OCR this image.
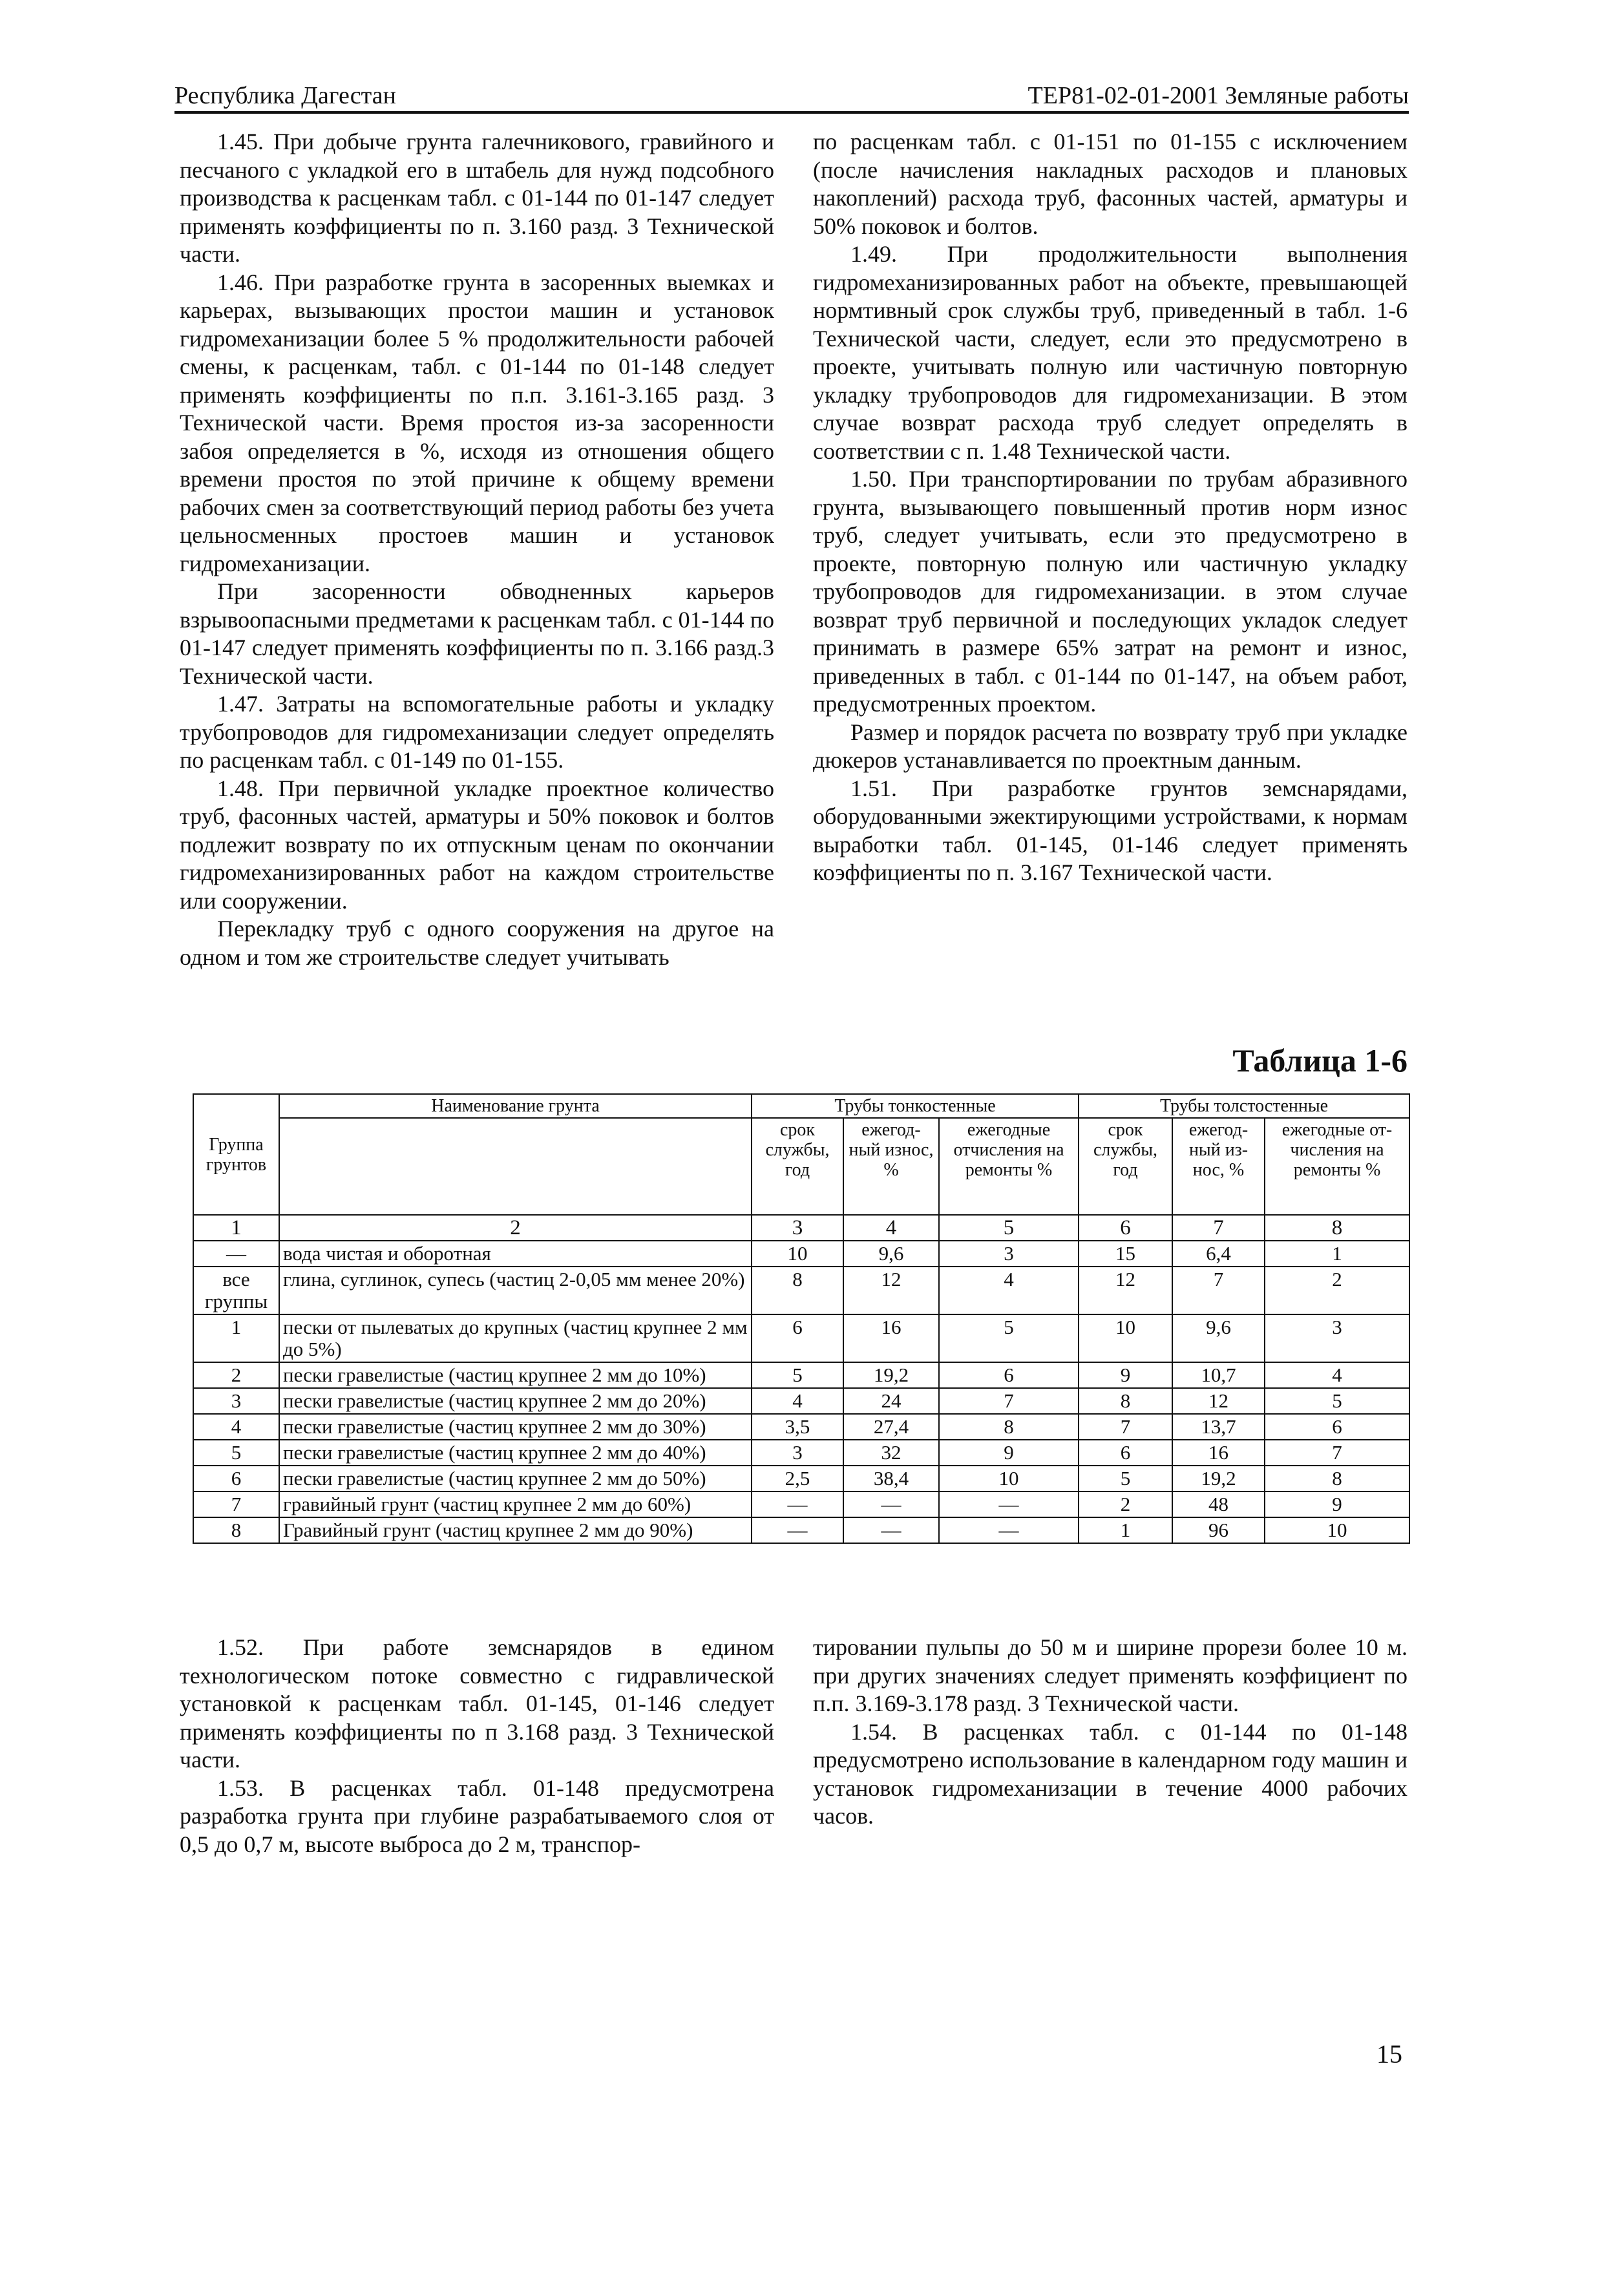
Республика Дагестан	ТЕР81-02-01-2001 Земляные работы

1.45. При добыче грунта галечникового, гравийного и песчаного с укладкой его в штабель для нужд подсобного производства к расценкам табл. с 01-144 по 01-147 следует применять коэффициенты по п. 3.160 разд. 3 Технической части.

1.46. При разработке грунта в засоренных выемках и карьерах, вызывающих простои машин и установок гидромеханизации более 5 % продолжительности рабочей смены, к расценкам, табл. с 01-144 по 01-148 следует применять коэффициенты по п.п. 3.161-3.165 разд. 3 Технической части. Время простоя из-за засоренности забоя определяется в %, исходя из отношения общего времени простоя по этой причине к общему времени рабочих смен за соответствующий период работы без учета цельносменных простоев машин и установок гидромеханизации.

При засоренности обводненных карьеров взрывоопасными предметами к расценкам табл. с 01-144 по 01-147 следует применять коэффициенты по п. 3.166 разд.3 Технической части.

1.47. Затраты на вспомогательные работы и укладку трубопроводов для гидромеханизации следует определять по расценкам табл. с 01-149 по 01-155.

1.48. При первичной укладке проектное количество труб, фасонных частей, арматуры и 50% поковок и болтов подлежит возврату по их отпускным ценам по окончании гидромеханизированных работ на каждом строительстве или сооружении.

Перекладку труб с одного сооружения на другое на одном и том же строительстве следует учитывать

по расценкам табл. с 01-151 по 01-155 с исключением (после начисления накладных расходов и плановых накоплений) расхода труб, фасонных частей, арматуры и 50% поковок и болтов.

1.49. При продолжительности выполнения гидромеханизированных работ на объекте, превышающей нормтивный срок службы труб, приведенный в табл. 1-6 Технической части, следует, если это предусмотрено в проекте, учитывать полную или частичную повторную укладку трубопроводов для гидромеханизации. В этом случае возврат расхода труб следует определять в соответствии с п. 1.48 Технической части.

1.50. При транспортировании по трубам абразивного грунта, вызывающего повышенный против норм износ труб, следует учитывать, если это предусмотрено в проекте, повторную полную или частичную укладку трубопроводов для гидромеханизации. в этом случае возврат труб первичной и последующих укладок следует принимать в размере 65% затрат на ремонт и износ, приведенных в табл. с 01-144 по 01-147, на объем работ, предусмотренных проектом.

Размер и порядок расчета по возврату труб при укладке дюкеров устанавливается по проектным данным.

1.51. При разработке грунтов земснарядами, оборудованными эжектирующими устройствами, к нормам выработки табл. 01-145, 01-146 следует применять коэффициенты по п. 3.167 Технической части.

Таблица 1-6
Группа грунтов	Наименование грунта	Трубы тонкостенные			Трубы толстостенные		
		срок службы, год	ежегод-ный износ, %	ежегодные отчисления на ремонты %	срок службы, год	ежегод-ный из-нос, %	ежегодные от-числения на ремонты %
1	2	3	4	5	6	7	8
—	вода чистая и оборотная	10	9,6	3	15	6,4	1
все группы	глина, суглинок, супесь (частиц 2-0,05 мм менее 20%)	8	12	4	12	7	2
1	пески от пылеватых до крупных (частиц крупнее 2 мм до 5%)	6	16	5	10	9,6	3
2	пески гравелистые (частиц крупнее 2 мм до 10%)	5	19,2	6	9	10,7	4
3	пески гравелистые (частиц крупнее 2 мм до 20%)	4	24	7	8	12	5
4	пески гравелистые (частиц крупнее 2 мм до 30%)	3,5	27,4	8	7	13,7	6
5	пески гравелистые (частиц крупнее 2 мм до 40%)	3	32	9	6	16	7
6	пески гравелистые (частиц крупнее 2 мм до 50%)	2,5	38,4	10	5	19,2	8
7	гравийный грунт (частиц крупнее 2 мм до 60%)	—	—	—	2	48	9
8	Гравийный грунт (частиц крупнее 2 мм до 90%)	—	—	—	1	96	10

1.52. При работе земснарядов в едином технологическом потоке совместно с гидравлической установкой к расценкам табл. 01-145, 01-146 следует применять коэффициенты по п 3.168 разд. 3 Технической части.

1.53. В расценках табл. 01-148 предусмотрена разработка грунта при глубине разрабатываемого слоя от 0,5 до 0,7 м, высоте выброса до 2 м, транспор-

тировании пульпы до 50 м и ширине прорези более 10 м. при других значениях следует применять коэффициент по п.п. 3.169-3.178 разд. 3 Технической части.

1.54. В расценках табл. с 01-144 по 01-148 предусмотрено использование в календарном году машин и установок гидромеханизации в течение 4000 рабочих часов.

15
